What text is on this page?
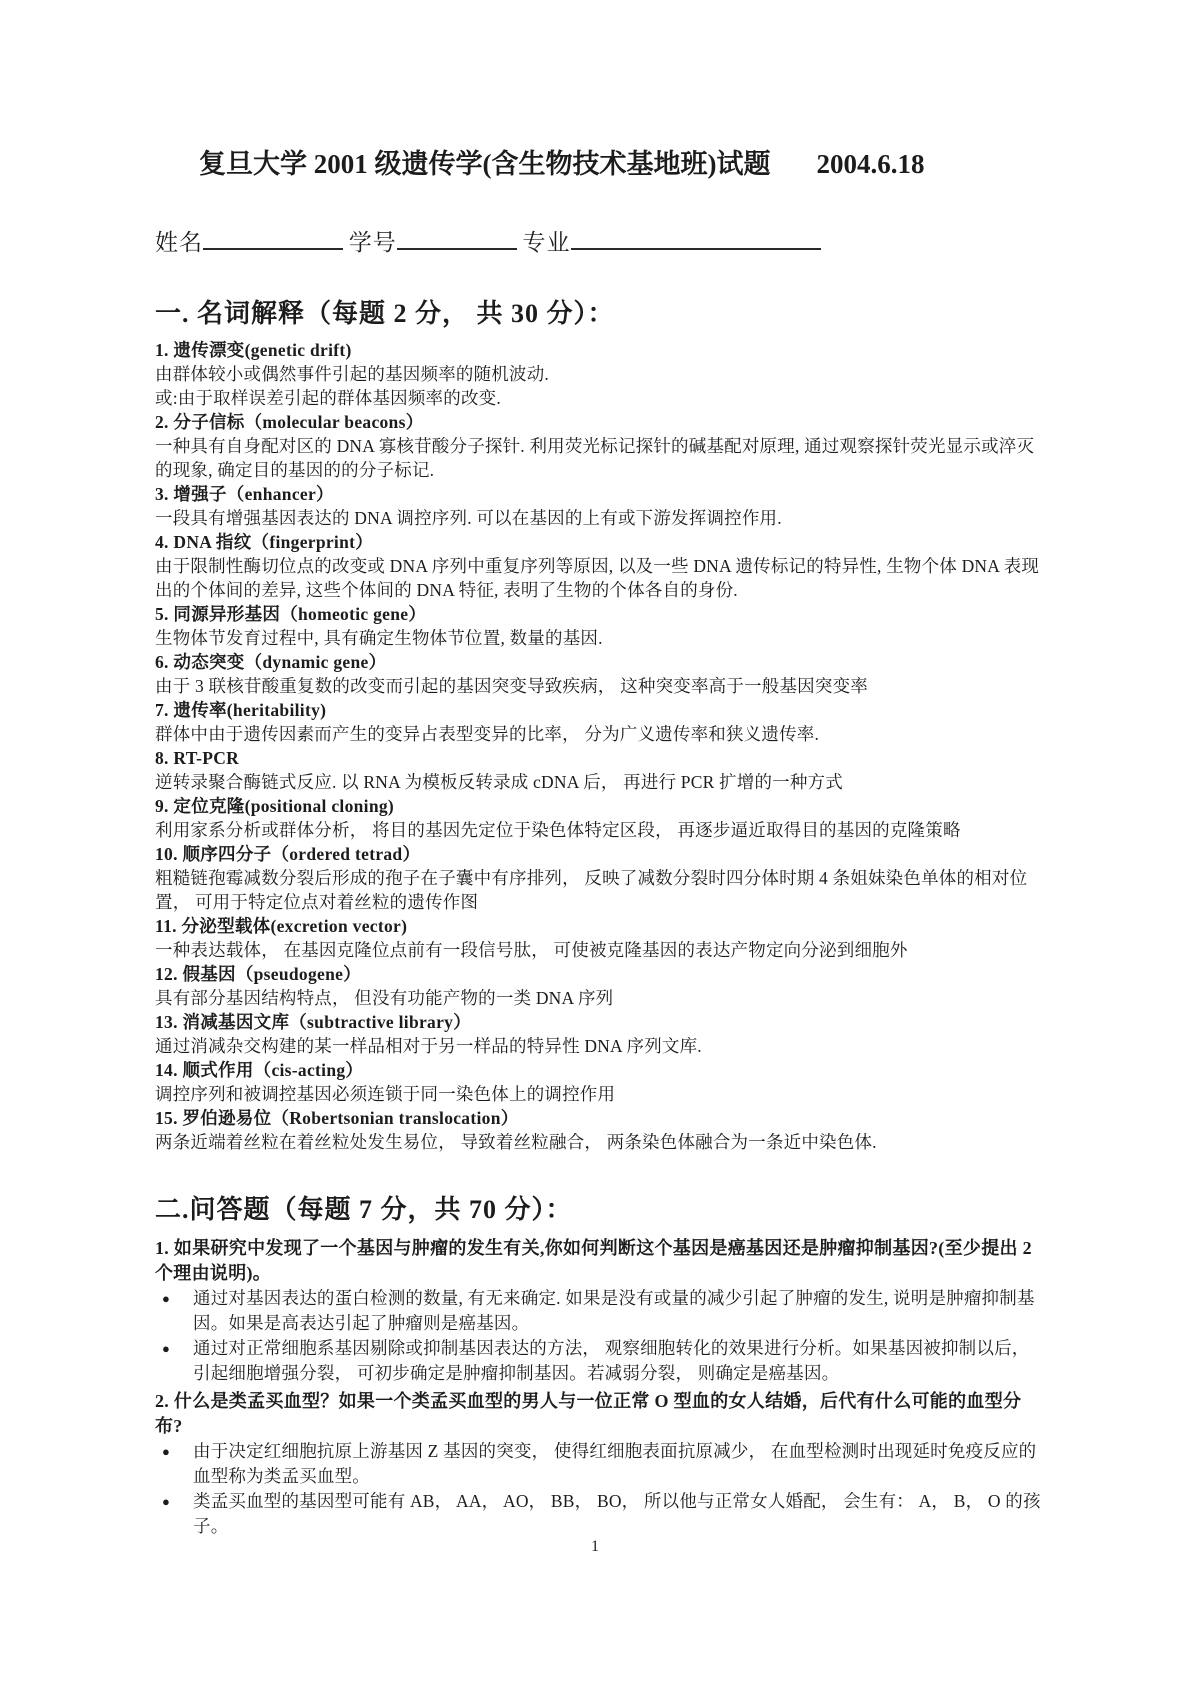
复旦大学 2001 级遗传学(含生物技术基地班)试题 2004.6.18
姓名	学号	专业
一. 名词解释（每题 2 分， 共 30 分）：
1. 遗传漂变(genetic drift)
由群体较小或偶然事件引起的基因频率的随机波动.
或:由于取样误差引起的群体基因频率的改变.
2. 分子信标（molecular beacons）
一种具有自身配对区的 DNA 寡核苷酸分子探针. 利用荧光标记探针的碱基配对原理, 通过观察探针荧光显示或淬灭的现象, 确定目的基因的的分子标记.
3. 增强子（enhancer）
一段具有增强基因表达的 DNA 调控序列. 可以在基因的上有或下游发挥调控作用.
4. DNA 指纹（fingerprint）
由于限制性酶切位点的改变或 DNA 序列中重复序列等原因, 以及一些 DNA 遗传标记的特异性, 生物个体 DNA 表现出的个体间的差异, 这些个体间的 DNA 特征, 表明了生物的个体各自的身份.
5. 同源异形基因（homeotic gene）
生物体节发育过程中, 具有确定生物体节位置, 数量的基因.
6. 动态突变（dynamic gene）
由于 3 联核苷酸重复数的改变而引起的基因突变导致疾病， 这种突变率高于一般基因突变率
7. 遗传率(heritability)
群体中由于遗传因素而产生的变异占表型变异的比率， 分为广义遗传率和狭义遗传率.
8. RT-PCR
逆转录聚合酶链式反应. 以 RNA 为模板反转录成 cDNA 后， 再进行 PCR 扩增的一种方式
9. 定位克隆(positional cloning)
利用家系分析或群体分析， 将目的基因先定位于染色体特定区段， 再逐步逼近取得目的基因的克隆策略
10. 顺序四分子（ordered tetrad）
粗糙链孢霉减数分裂后形成的孢子在子囊中有序排列， 反映了减数分裂时四分体时期 4 条姐妹染色单体的相对位置， 可用于特定位点对着丝粒的遗传作图
11. 分泌型载体(excretion vector)
一种表达载体， 在基因克隆位点前有一段信号肽， 可使被克隆基因的表达产物定向分泌到细胞外
12. 假基因（pseudogene）
具有部分基因结构特点， 但没有功能产物的一类 DNA 序列
13. 消减基因文库（subtractive library）
通过消减杂交构建的某一样品相对于另一样品的特异性 DNA 序列文库.
14. 顺式作用（cis-acting）
调控序列和被调控基因必须连锁于同一染色体上的调控作用
15. 罗伯逊易位（Robertsonian translocation）
两条近端着丝粒在着丝粒处发生易位， 导致着丝粒融合， 两条染色体融合为一条近中染色体.
二.问答题（每题 7 分，共 70 分）：
1. 如果研究中发现了一个基因与肿瘤的发生有关,你如何判断这个基因是癌基因还是肿瘤抑制基因?(至少提出 2 个理由说明)。
●	通过对基因表达的蛋白检测的数量, 有无来确定. 如果是没有或量的减少引起了肿瘤的发生, 说明是肿瘤抑制基因。如果是高表达引起了肿瘤则是癌基因。
●	通过对正常细胞系基因剔除或抑制基因表达的方法， 观察细胞转化的效果进行分析。如果基因被抑制以后， 引起细胞增强分裂， 可初步确定是肿瘤抑制基因。若减弱分裂， 则确定是癌基因。
2. 什么是类孟买血型？如果一个类孟买血型的男人与一位正常 O 型血的女人结婚，后代有什么可能的血型分布?
●	由于决定红细胞抗原上游基因 Z 基因的突变， 使得红细胞表面抗原减少， 在血型检测时出现延时免疫反应的血型称为类孟买血型。
●	类孟买血型的基因型可能有 AB， AA， AO， BB， BO， 所以他与正常女人婚配， 会生有： A， B， O 的孩子。
1
